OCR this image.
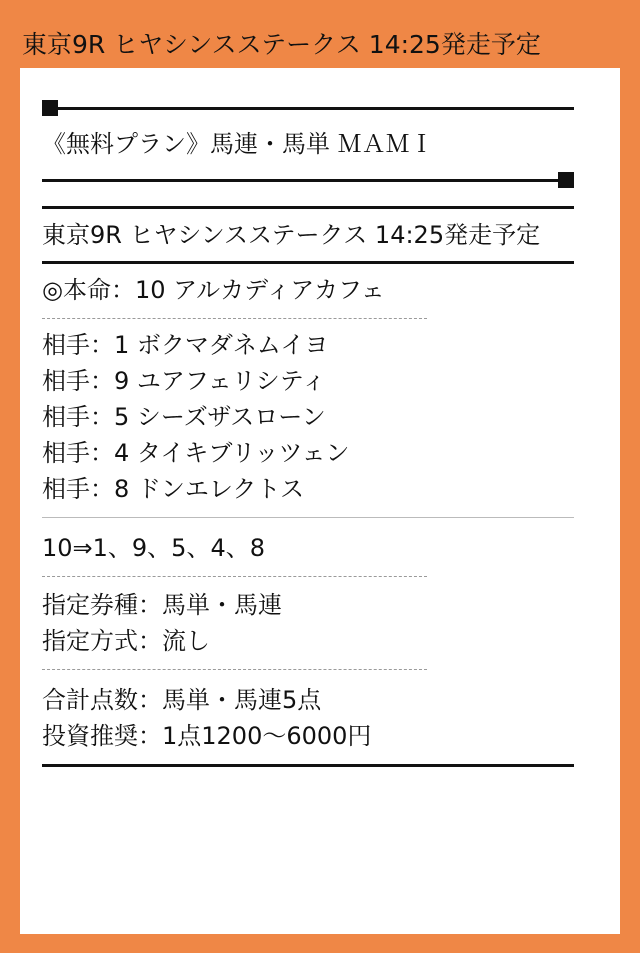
東京9R ヒヤシンスステークス 14:25発走予定
《無料プラン》馬連・馬単 ＭＡＭＩ
東京9R ヒヤシンスステークス 14:25発走予定
◎本命：10 アルカディアカフェ
相手：1 ボクマダネムイヨ
相手：9 ユアフェリシティ
相手：5 シーズザスローン
相手：4 タイキブリッツェン
相手：8 ドンエレクトス
10⇒1、9、5、4、8
指定券種：馬単・馬連
指定方式：流し
合計点数：馬単・馬連5点
投資推奨：1点1200〜6000円
